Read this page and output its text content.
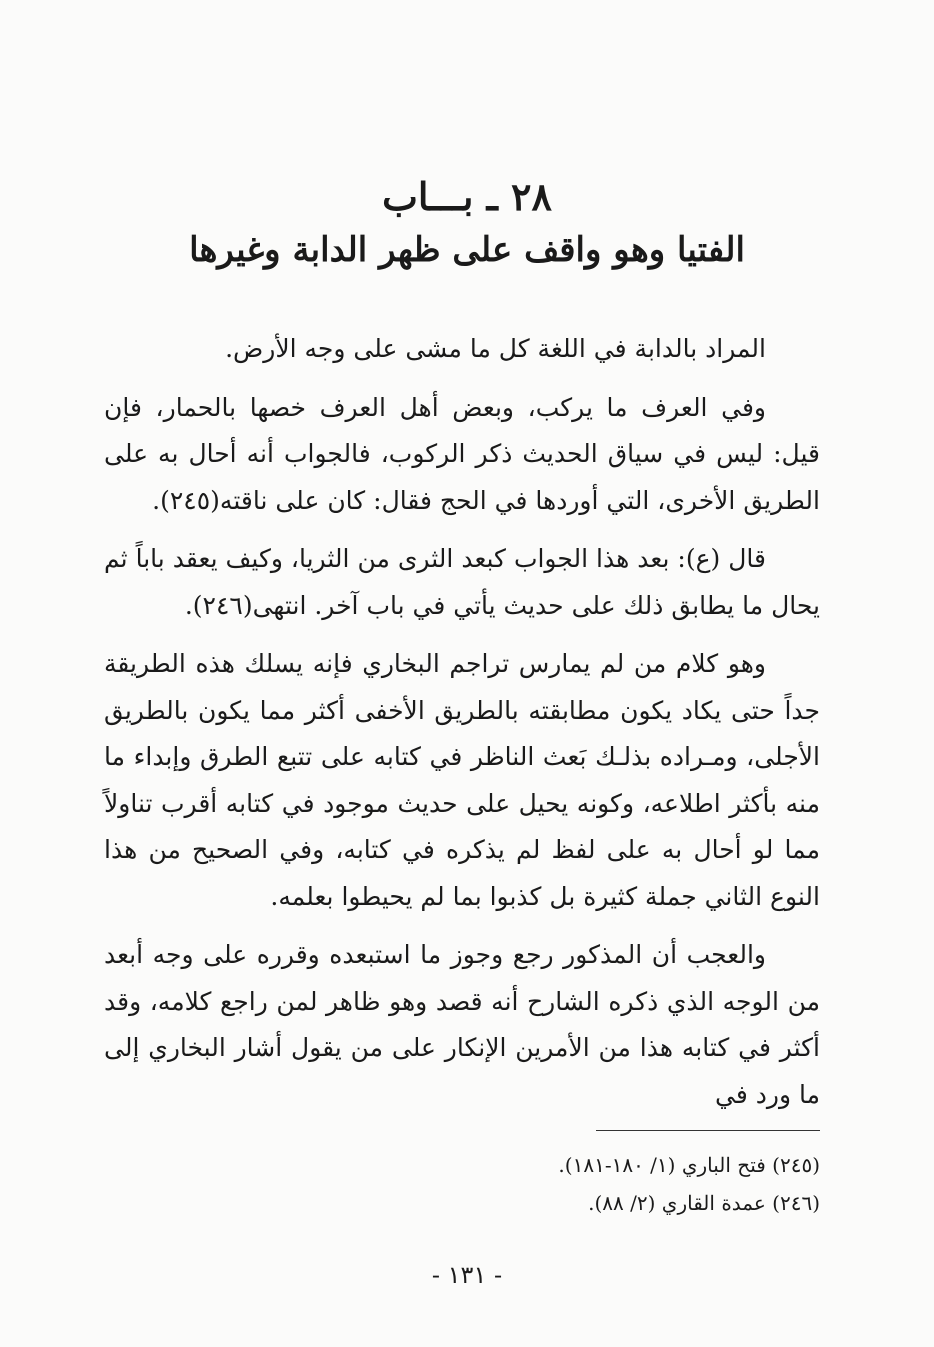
٢٨ ـ بـــاب
الفتيا وهو واقف على ظهر الدابة وغيرها

المراد بالدابة في اللغة كل ما مشى على وجه الأرض.

وفي العرف ما يركب، وبعض أهل العرف خصها بالحمار، فإن قيل: ليس في سياق الحديث ذكر الركوب، فالجواب أنه أحال به على الطريق الأخرى، التي أوردها في الحج فقال: كان على ناقته(٢٤٥).

قال (ع): بعد هذا الجواب كبعد الثرى من الثريا، وكيف يعقد باباً ثم يحال ما يطابق ذلك على حديث يأتي في باب آخر. انتهى(٢٤٦).

وهو كلام من لم يمارس تراجم البخاري فإنه يسلك هذه الطريقة جداً حتى يكاد يكون مطابقته بالطريق الأخفى أكثر مما يكون بالطريق الأجلى، ومـراده بذلـك بَعث الناظر في كتابه على تتبع الطرق وإبداء ما منه بأكثر اطلاعه، وكونه يحيل على حديث موجود في كتابه أقرب تناولاً مما لو أحال به على لفظ لم يذكره في كتابه، وفي الصحيح من هذا النوع الثاني جملة كثيرة بل كذبوا بما لم يحيطوا بعلمه.

والعجب أن المذكور رجع وجوز ما استبعده وقرره على وجه أبعد من الوجه الذي ذكره الشارح أنه قصد وهو ظاهر لمن راجع كلامه، وقد أكثر في كتابه هذا من الأمرين الإنكار على من يقول أشار البخاري إلى ما ورد في

(٢٤٥) فتح الباري (١/ ١٨٠-١٨١).
(٢٤٦) عمدة القاري (٢/ ٨٨).
- ١٣١ -
